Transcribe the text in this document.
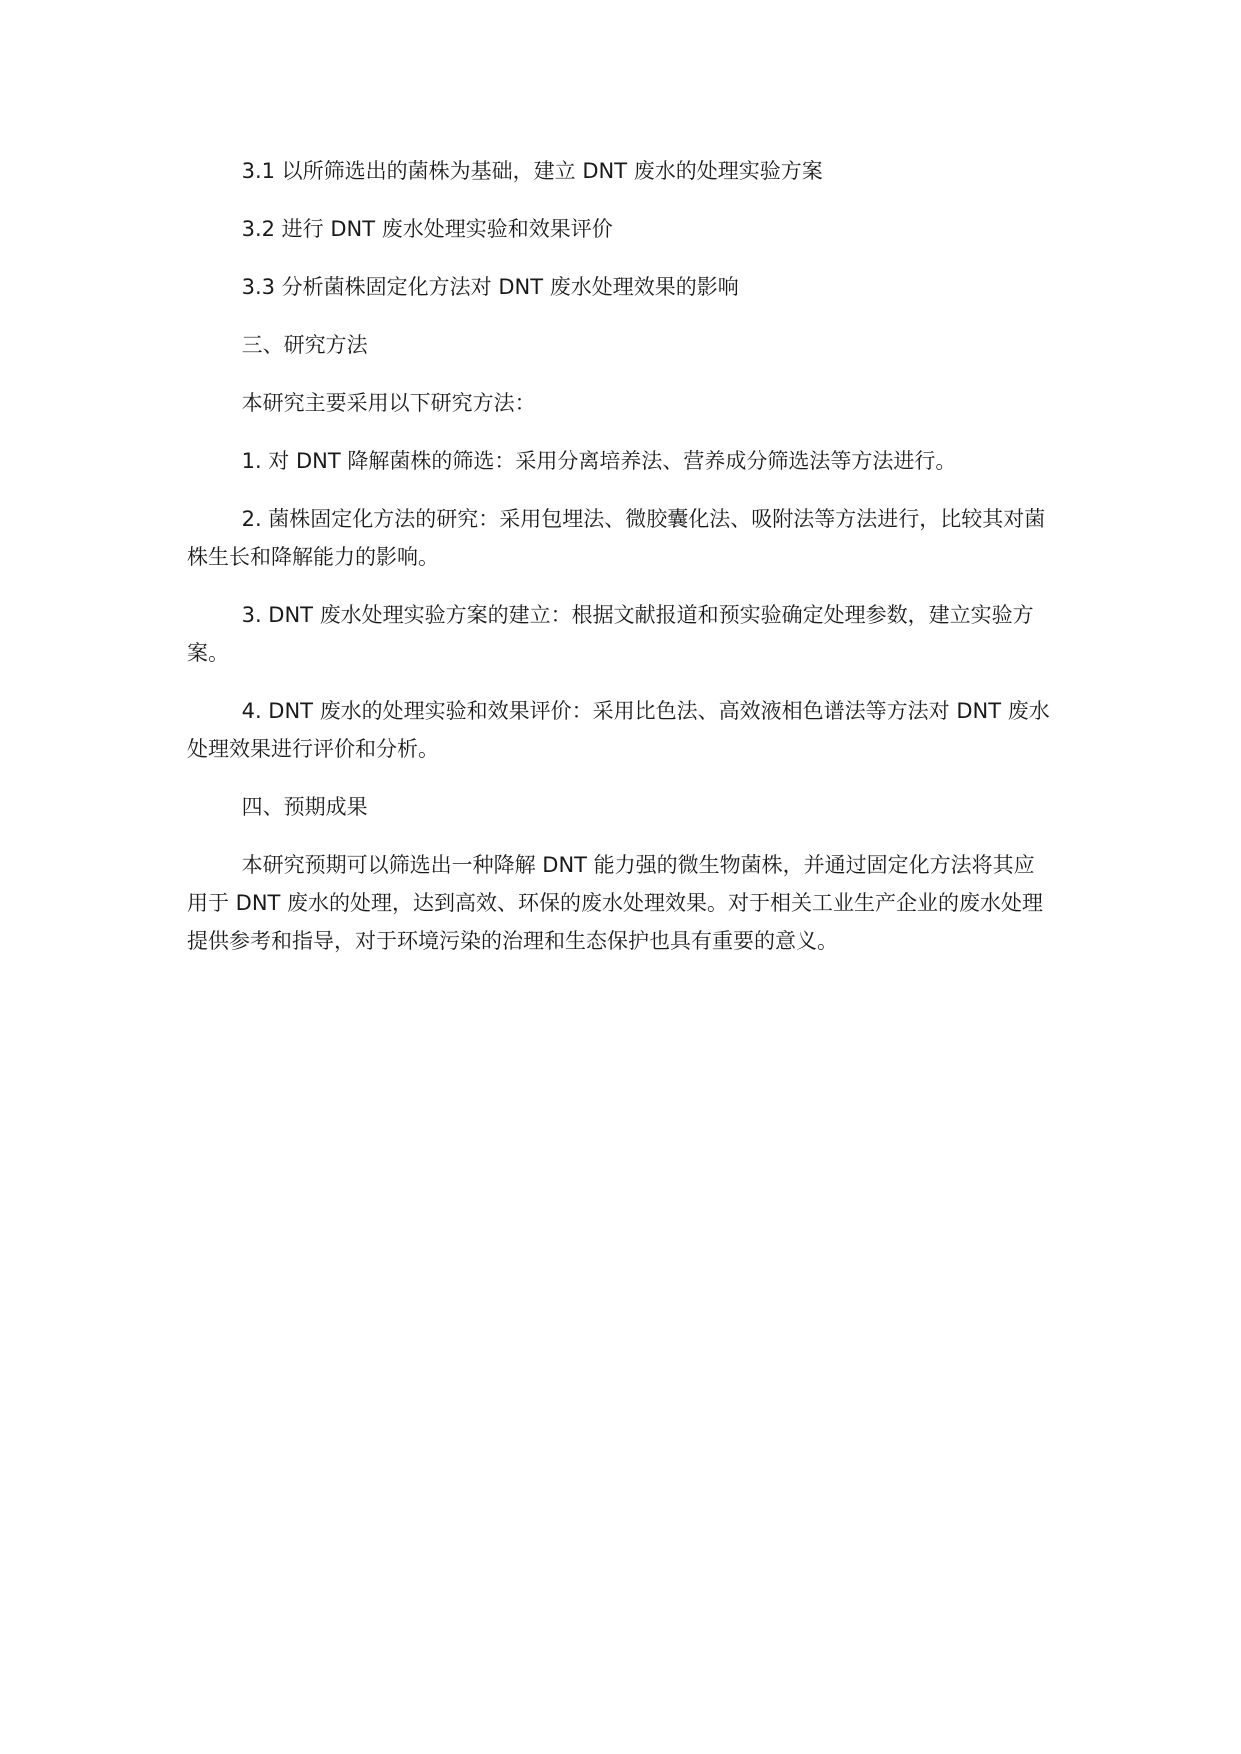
3.1 以所筛选出的菌株为基础，建立 DNT 废水的处理实验方案

3.2 进行 DNT 废水处理实验和效果评价

3.3 分析菌株固定化方法对 DNT 废水处理效果的影响

三、研究方法

本研究主要采用以下研究方法：

1. 对 DNT 降解菌株的筛选：采用分离培养法、营养成分筛选法等方法进行。

2. 菌株固定化方法的研究：采用包埋法、微胶囊化法、吸附法等方法进行，比较其对菌株生长和降解能力的影响。

3. DNT 废水处理实验方案的建立：根据文献报道和预实验确定处理参数，建立实验方案。

4. DNT 废水的处理实验和效果评价：采用比色法、高效液相色谱法等方法对 DNT 废水处理效果进行评价和分析。

四、预期成果

本研究预期可以筛选出一种降解 DNT 能力强的微生物菌株，并通过固定化方法将其应用于 DNT 废水的处理，达到高效、环保的废水处理效果。对于相关工业生产企业的废水处理提供参考和指导，对于环境污染的治理和生态保护也具有重要的意义。
